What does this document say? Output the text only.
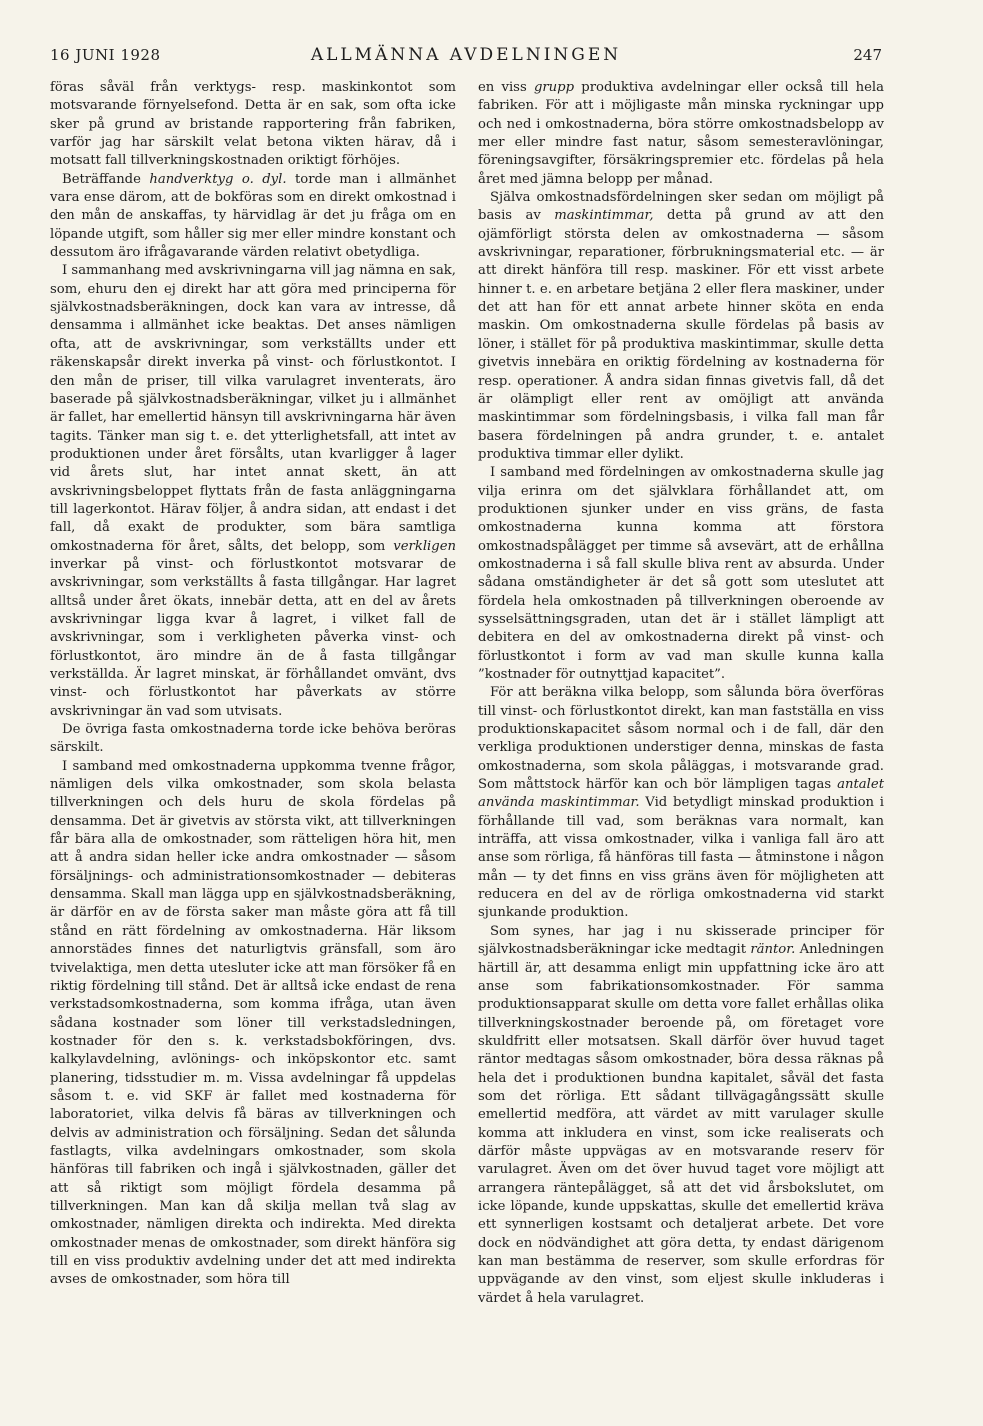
16 JUNI 1928	ALLMÄNNA AVDELNINGEN	247

föras såväl från verktygs- resp. maskinkontot som motsvarande förnyelsefond. Detta är en sak, som ofta icke sker på grund av bristande rapportering från fabriken, varför jag har särskilt velat betona vikten härav, då i motsatt fall tillverkningskostnaden oriktigt förhöjes.

Beträffande handverktyg o. dyl. torde man i allmänhet vara ense därom, att de bokföras som en direkt omkostnad i den mån de anskaffas, ty härvidlag är det ju fråga om en löpande utgift, som håller sig mer eller mindre konstant och dessutom äro ifrågavarande värden relativt obetydliga.

I sammanhang med avskrivningarna vill jag nämna en sak, som, ehuru den ej direkt har att göra med principerna för självkostnadsberäkningen, dock kan vara av intresse, då densamma i allmänhet icke beaktas. Det anses nämligen ofta, att de avskrivningar, som verkställts under ett räkenskapsår direkt inverka på vinst- och förlustkontot. I den mån de priser, till vilka varulagret inventerats, äro baserade på självkostnadsberäkningar, vilket ju i allmänhet är fallet, har emellertid hänsyn till avskrivningarna här även tagits. Tänker man sig t. e. det ytterlighetsfall, att intet av produktionen under året försålts, utan kvarligger å lager vid årets slut, har intet annat skett, än att avskrivningsbeloppet flyttats från de fasta anläggningarna till lagerkontot. Härav följer, å andra sidan, att endast i det fall, då exakt de produkter, som bära samtliga omkostnaderna för året, sålts, det belopp, som verkligen inverkar på vinst- och förlustkontot motsvarar de avskrivningar, som verkställts å fasta tillgångar. Har lagret alltså under året ökats, innebär detta, att en del av årets avskrivningar ligga kvar å lagret, i vilket fall de avskrivningar, som i verkligheten påverka vinst- och förlustkontot, äro mindre än de å fasta tillgångar verkställda. Är lagret minskat, är förhållandet omvänt, dvs vinst- och förlustkontot har påverkats av större avskrivningar än vad som utvisats.

De övriga fasta omkostnaderna torde icke behöva beröras särskilt.

I samband med omkostnaderna uppkomma tvenne frågor, nämligen dels vilka omkostnader, som skola belasta tillverkningen och dels huru de skola fördelas på densamma. Det är givetvis av största vikt, att tillverkningen får bära alla de omkostnader, som rätteligen höra hit, men att å andra sidan heller icke andra omkostnader — såsom försäljnings- och administrationsomkostnader — debiteras densamma. Skall man lägga upp en självkostnadsberäkning, är därför en av de första saker man måste göra att få till stånd en rätt fördelning av omkostnaderna. Här liksom annorstädes finnes det naturligtvis gränsfall, som äro tvivelaktiga, men detta utesluter icke att man försöker få en riktig fördelning till stånd. Det är alltså icke endast de rena verkstadsomkostnaderna, som komma ifråga, utan även sådana kostnader som löner till verkstadsledningen, kostnader för den s. k. verkstadsbokföringen, dvs. kalkylavdelning, avlönings- och inköpskontor etc. samt planering, tidsstudier m. m. Vissa avdelningar få uppdelas såsom t. e. vid SKF är fallet med kostnaderna för laboratoriet, vilka delvis få bäras av tillverkningen och delvis av administration och försäljning. Sedan det sålunda fastlagts, vilka avdelningars omkostnader, som skola hänföras till fabriken och ingå i självkostnaden, gäller det att så riktigt som möjligt fördela desamma på tillverkningen. Man kan då skilja mellan två slag av omkostnader, nämligen direkta och indirekta. Med direkta omkostnader menas de omkostnader, som direkt hänföra sig till en viss produktiv avdelning under det att med indirekta avses de omkostnader, som höra till

en viss grupp produktiva avdelningar eller också till hela fabriken. För att i möjligaste mån minska ryckningar upp och ned i omkostnaderna, böra större omkostnadsbelopp av mer eller mindre fast natur, såsom semesteravlöningar, föreningsavgifter, försäkringspremier etc. fördelas på hela året med jämna belopp per månad.

Själva omkostnadsfördelningen sker sedan om möjligt på basis av maskintimmar, detta på grund av att den ojämförligt största delen av omkostnaderna — såsom avskrivningar, reparationer, förbrukningsmaterial etc. — är att direkt hänföra till resp. maskiner. För ett visst arbete hinner t. e. en arbetare betjäna 2 eller flera maskiner, under det att han för ett annat arbete hinner sköta en enda maskin. Om omkostnaderna skulle fördelas på basis av löner, i stället för på produktiva maskintimmar, skulle detta givetvis innebära en oriktig fördelning av kostnaderna för resp. operationer. Å andra sidan finnas givetvis fall, då det är olämpligt eller rent av omöjligt att använda maskintimmar som fördelningsbasis, i vilka fall man får basera fördelningen på andra grunder, t. e. antalet produktiva timmar eller dylikt.

I samband med fördelningen av omkostnaderna skulle jag vilja erinra om det självklara förhållandet att, om produktionen sjunker under en viss gräns, de fasta omkostnaderna kunna komma att förstora omkostnadspålägget per timme så avsevärt, att de erhållna omkostnaderna i så fall skulle bliva rent av absurda. Under sådana omständigheter är det så gott som uteslutet att fördela hela omkostnaden på tillverkningen oberoende av sysselsättningsgraden, utan det är i stället lämpligt att debitera en del av omkostnaderna direkt på vinst- och förlustkontot i form av vad man skulle kunna kalla ”kostnader för outnyttjad kapacitet”.

För att beräkna vilka belopp, som sålunda böra överföras till vinst- och förlustkontot direkt, kan man fastställa en viss produktionskapacitet såsom normal och i de fall, där den verkliga produktionen understiger denna, minskas de fasta omkostnaderna, som skola påläggas, i motsvarande grad. Som måttstock härför kan och bör lämpligen tagas antalet använda maskintimmar. Vid betydligt minskad produktion i förhållande till vad, som beräknas vara normalt, kan inträffa, att vissa omkostnader, vilka i vanliga fall äro att anse som rörliga, få hänföras till fasta — åtminstone i någon mån — ty det finns en viss gräns även för möjligheten att reducera en del av de rörliga omkostnaderna vid starkt sjunkande produktion.

Som synes, har jag i nu skisserade principer för självkostnadsberäkningar icke medtagit räntor. Anledningen härtill är, att desamma enligt min uppfattning icke äro att anse som fabrikationsomkostnader. För samma produktionsapparat skulle om detta vore fallet erhållas olika tillverkningskostnader beroende på, om företaget vore skuldfritt eller motsatsen. Skall därför över huvud taget räntor medtagas såsom omkostnader, böra dessa räknas på hela det i produktionen bundna kapitalet, såväl det fasta som det rörliga. Ett sådant tillvägagångssätt skulle emellertid medföra, att värdet av mitt varulager skulle komma att inkludera en vinst, som icke realiserats och därför måste uppvägas av en motsvarande reserv för varulagret. Även om det över huvud taget vore möjligt att arrangera räntepålägget, så att det vid årsbokslutet, om icke löpande, kunde uppskattas, skulle det emellertid kräva ett synnerligen kostsamt och detaljerat arbete. Det vore dock en nödvändighet att göra detta, ty endast därigenom kan man bestämma de reserver, som skulle erfordras för uppvägande av den vinst, som eljest skulle inkluderas i värdet å hela varulagret.
